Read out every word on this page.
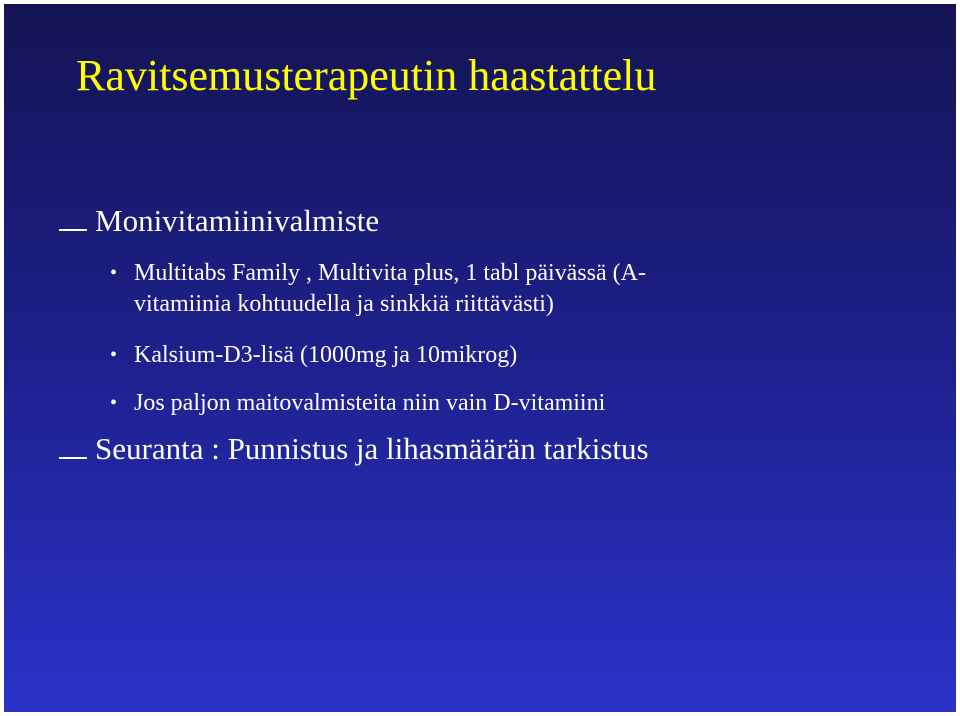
Ravitsemusterapeutin haastattelu
Monivitamiinivalmiste
• Multitabs Family , Multivita plus, 1 tabl päivässä (A-
vitamiinia kohtuudella ja sinkkiä riittävästi)
• Kalsium-D3-lisä (1000mg ja 10mikrog)
• Jos paljon maitovalmisteita niin vain D-vitamiini
Seuranta : Punnistus ja lihasmäärän tarkistus
